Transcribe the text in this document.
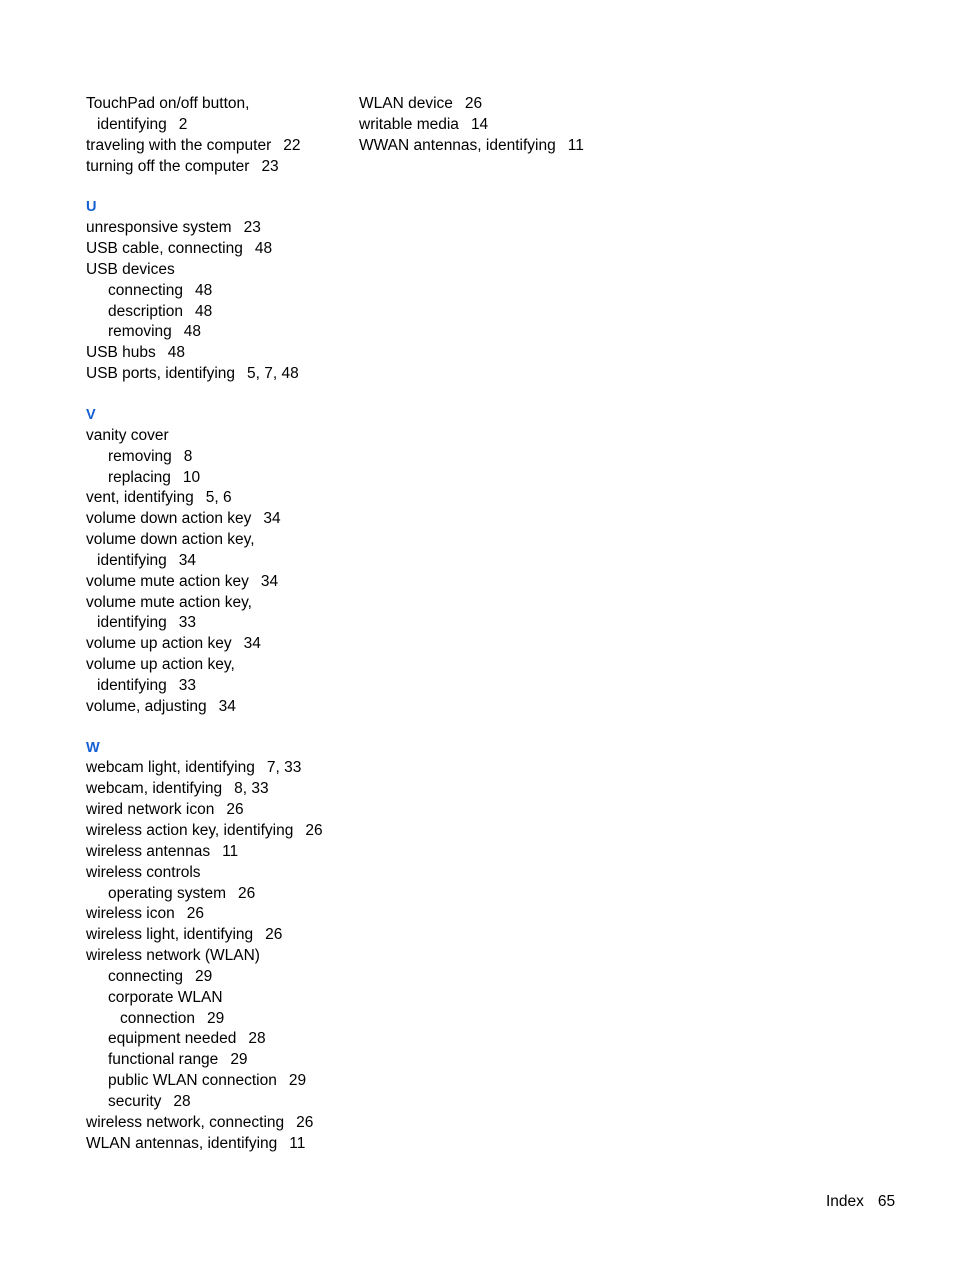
TouchPad on/off button,
identifying 2
traveling with the computer 22
turning off the computer 23
U
unresponsive system 23
USB cable, connecting 48
USB devices
connecting 48
description 48
removing 48
USB hubs 48
USB ports, identifying 5, 7, 48
V
vanity cover
removing 8
replacing 10
vent, identifying 5, 6
volume down action key 34
volume down action key,
identifying 34
volume mute action key 34
volume mute action key,
identifying 33
volume up action key 34
volume up action key,
identifying 33
volume, adjusting 34
W
webcam light, identifying 7, 33
webcam, identifying 8, 33
wired network icon 26
wireless action key, identifying 26
wireless antennas 11
wireless controls
operating system 26
wireless icon 26
wireless light, identifying 26
wireless network (WLAN)
connecting 29
corporate WLAN
connection 29
equipment needed 28
functional range 29
public WLAN connection 29
security 28
wireless network, connecting 26
WLAN antennas, identifying 11
WLAN device 26
writable media 14
WWAN antennas, identifying 11
Index 65
